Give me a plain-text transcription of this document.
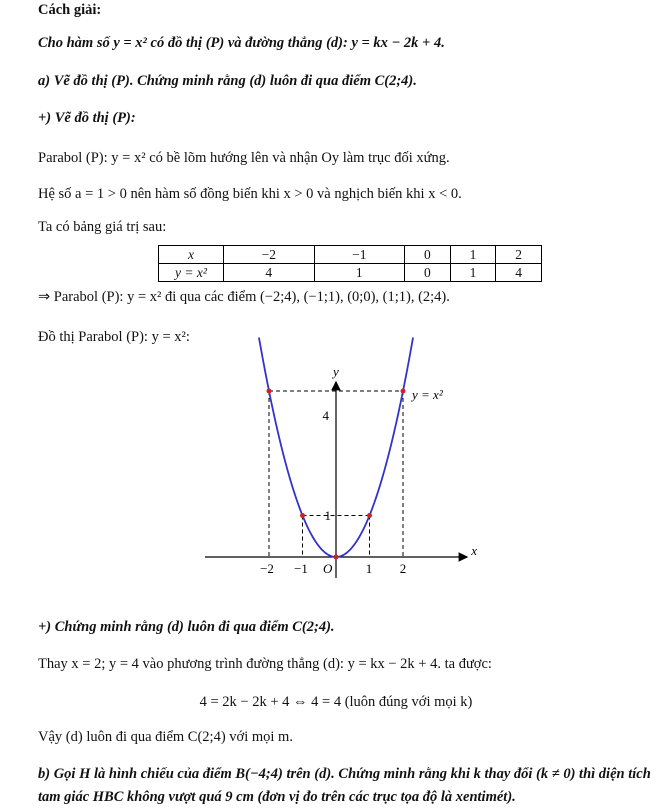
Cách giải:
Cho hàm số y = x² có đồ thị (P) và đường thẳng (d): y = kx − 2k + 4.
a) Vẽ đồ thị (P). Chứng minh rằng (d) luôn đi qua điểm C(2;4).
+) Vẽ đồ thị (P):
Parabol (P): y = x² có bề lõm hướng lên và nhận Oy làm trục đối xứng.
Hệ số a = 1 > 0 nên hàm số đồng biến khi x > 0 và nghịch biến khi x < 0.
Ta có bảng giá trị sau:
x	−2	−1	0	1	2
y = x²	4	1	0	1	4
⇒ Parabol (P): y = x² đi qua các điểm (−2;4), (−1;1), (0;0), (1;1), (2;4).
Đồ thị Parabol (P): y = x²:
y
x
y = x²
O
−2 −1	1 2
4
1
+) Chứng minh rằng (d) luôn đi qua điểm C(2;4).
Thay x = 2; y = 4 vào phương trình đường thẳng (d): y = kx − 2k + 4. ta được:
4 = 2k − 2k + 4 ⇔ 4 = 4 (luôn đúng với mọi k)
Vậy (d) luôn đi qua điểm C(2;4) với mọi m.
b) Gọi H là hình chiếu của điểm B(−4;4) trên (d). Chứng minh rằng khi k thay đổi (k ≠ 0) thì diện tích
tam giác HBC không vượt quá 9 cm (đơn vị đo trên các trục tọa độ là xentimét).
